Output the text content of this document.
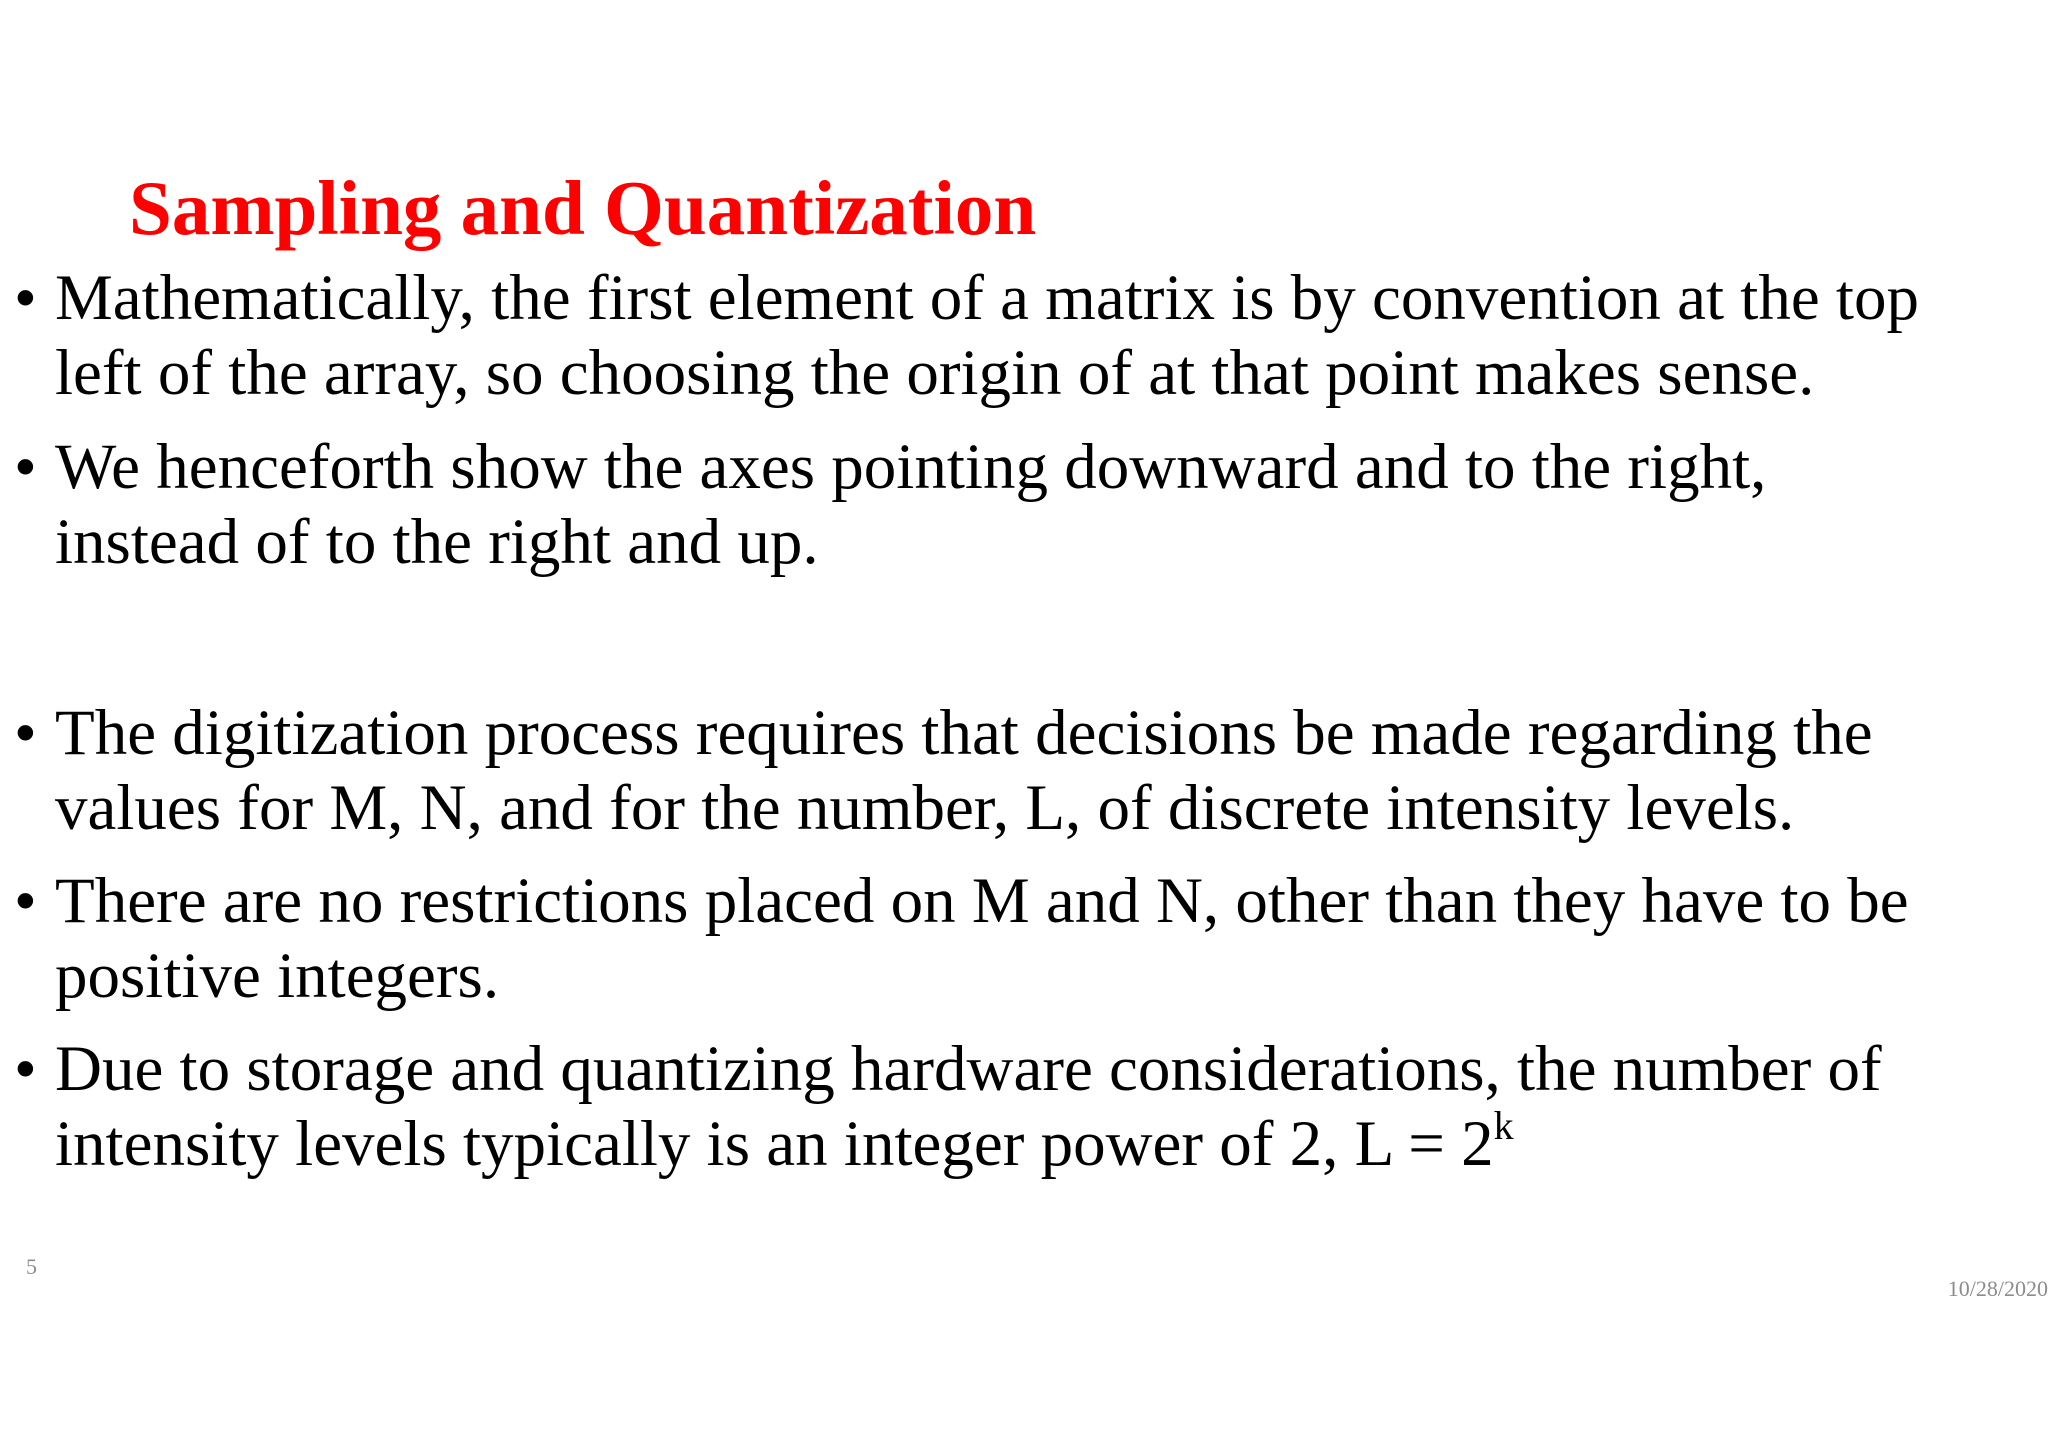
Sampling and Quantization
• Mathematically, the first element of a matrix is by convention at the top
left of the array, so choosing the origin of at that point makes sense.
• We henceforth show the axes pointing downward and to the right,
instead of to the right and up.
• The digitization process requires that decisions be made regarding the
values for M, N, and for the number, L, of discrete intensity levels.
• There are no restrictions placed on M and N, other than they have to be
positive integers.
• Due to storage and quantizing hardware considerations, the number of
intensity levels typically is an integer power of 2, $L = 2^k$
5
10/28/2020
